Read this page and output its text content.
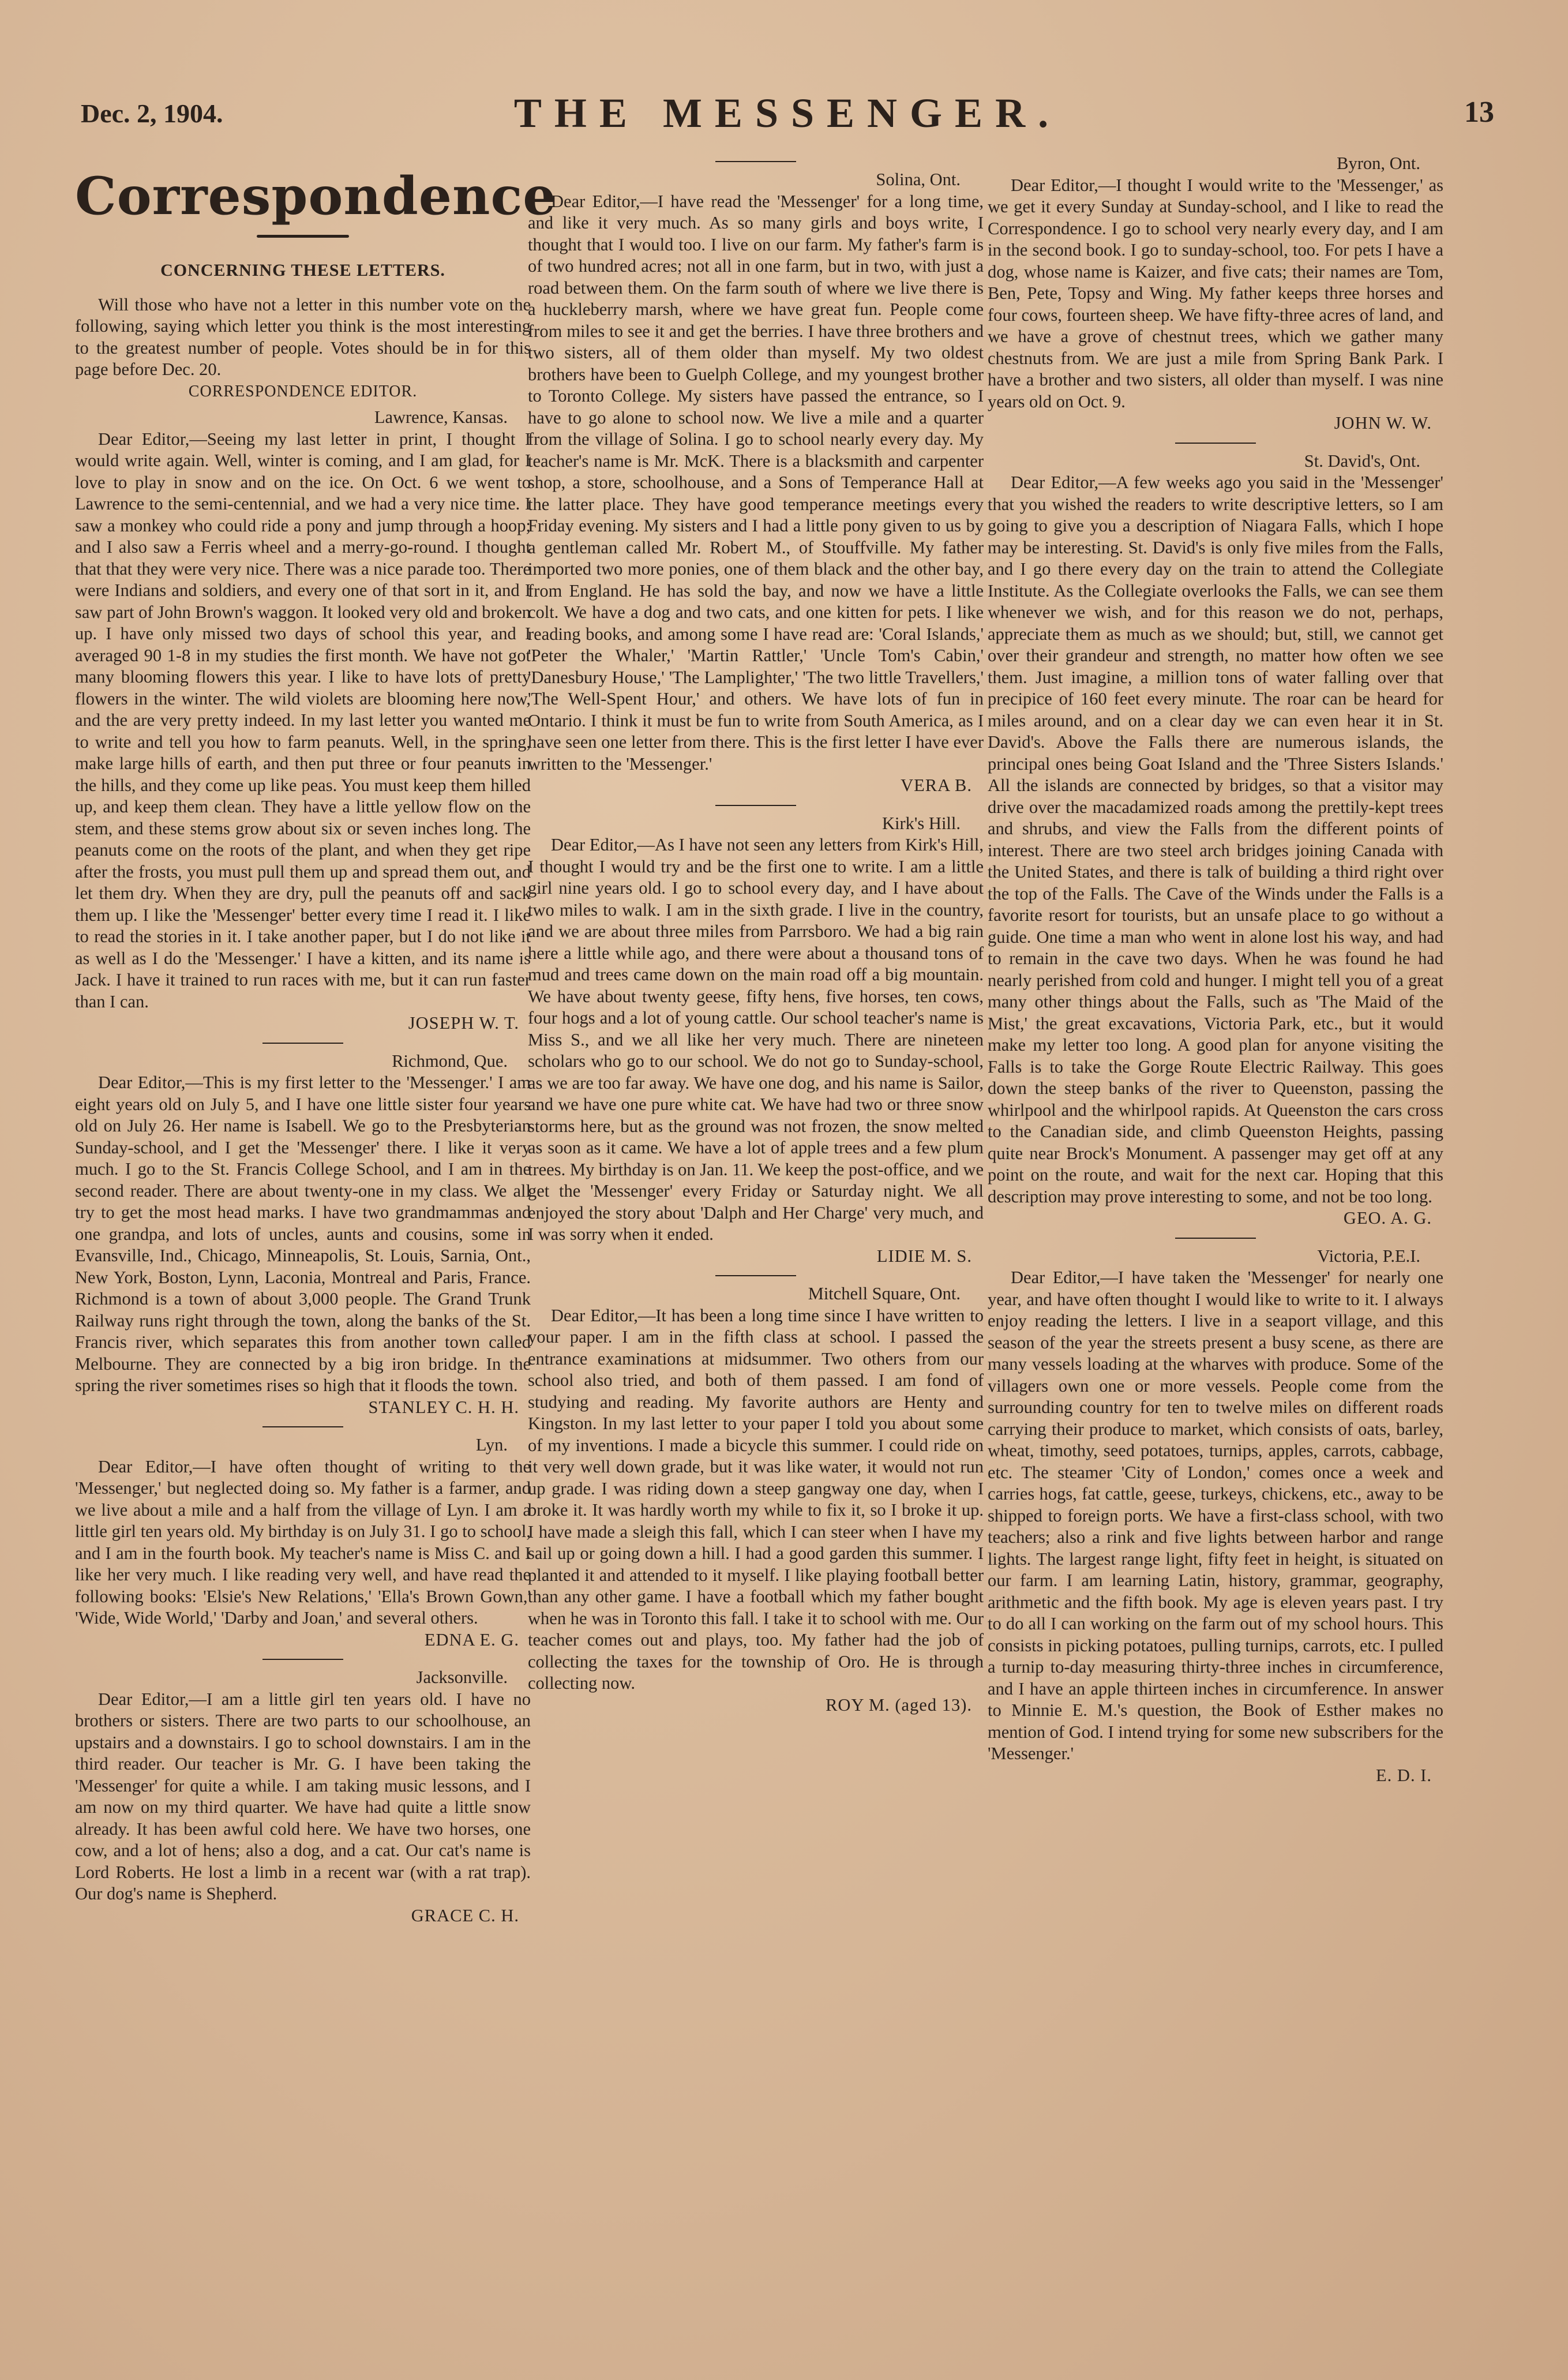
Dec. 2, 1904.	THE MESSENGER.	13
Correspondence

CONCERNING THESE LETTERS.

Will those who have not a letter in this number vote on the following, saying which letter you think is the most interesting to the greatest number of people. Votes should be in for this page before Dec. 20.

CORRESPONDENCE EDITOR.

Lawrence, Kansas.

Dear Editor,—Seeing my last letter in print, I thought I would write again. Well, winter is coming, and I am glad, for I love to play in snow and on the ice. On Oct. 6 we went to Lawrence to the semi-centennial, and we had a very nice time. I saw a monkey who could ride a pony and jump through a hoop; and I also saw a Ferris wheel and a merry-go-round. I thought that that they were very nice. There was a nice parade too. There were Indians and soldiers, and every one of that sort in it, and I saw part of John Brown's waggon. It looked very old and broken up. I have only missed two days of school this year, and I averaged 90 1-8 in my studies the first month. We have not got many blooming flowers this year. I like to have lots of pretty flowers in the winter. The wild violets are blooming here now, and the are very pretty indeed. In my last letter you wanted me to write and tell you how to farm peanuts. Well, in the spring, make large hills of earth, and then put three or four peanuts in the hills, and they come up like peas. You must keep them hilled up, and keep them clean. They have a little yellow flow on the stem, and these stems grow about six or seven inches long. The peanuts come on the roots of the plant, and when they get ripe after the frosts, you must pull them up and spread them out, and let them dry. When they are dry, pull the peanuts off and sack them up. I like the 'Messenger' better every time I read it. I like to read the stories in it. I take another paper, but I do not like it as well as I do the 'Messenger.' I have a kitten, and its name is Jack. I have it trained to run races with me, but it can run faster than I can.

JOSEPH W. T.

Richmond, Que.

Dear Editor,—This is my first letter to the 'Messenger.' I am eight years old on July 5, and I have one little sister four years old on July 26. Her name is Isabell. We go to the Presbyterian Sunday-school, and I get the 'Messenger' there. I like it very much. I go to the St. Francis College School, and I am in the second reader. There are about twenty-one in my class. We all try to get the most head marks. I have two grandmammas and one grandpa, and lots of uncles, aunts and cousins, some in Evansville, Ind., Chicago, Minneapolis, St. Louis, Sarnia, Ont., New York, Boston, Lynn, Laconia, Montreal and Paris, France. Richmond is a town of about 3,000 people. The Grand Trunk Railway runs right through the town, along the banks of the St. Francis river, which separates this from another town called Melbourne. They are connected by a big iron bridge. In the spring the river sometimes rises so high that it floods the town.

STANLEY C. H. H.

Lyn.

Dear Editor,—I have often thought of writing to the 'Messenger,' but neglected doing so. My father is a farmer, and we live about a mile and a half from the village of Lyn. I am a little girl ten years old. My birthday is on July 31. I go to school, and I am in the fourth book. My teacher's name is Miss C. and I like her very much. I like reading very well, and have read the following books: 'Elsie's New Relations,' 'Ella's Brown Gown,' 'Wide, Wide World,' 'Darby and Joan,' and several others.

EDNA E. G.

Jacksonville.

Dear Editor,—I am a little girl ten years old. I have no brothers or sisters. There are two parts to our schoolhouse, an upstairs and a downstairs. I go to school downstairs. I am in the third reader. Our teacher is Mr. G. I have been taking the 'Messenger' for quite a while. I am taking music lessons, and I am now on my third quarter. We have had quite a little snow already. It has been awful cold here. We have two horses, one cow, and a lot of hens; also a dog, and a cat. Our cat's name is Lord Roberts. He lost a limb in a recent war (with a rat trap). Our dog's name is Shepherd.

GRACE C. H.

Solina, Ont.

Dear Editor,—I have read the 'Messenger' for a long time, and like it very much. As so many girls and boys write, I thought that I would too. I live on our farm. My father's farm is of two hundred acres; not all in one farm, but in two, with just a road between them. On the farm south of where we live there is a huckleberry marsh, where we have great fun. People come from miles to see it and get the berries. I have three brothers and two sisters, all of them older than myself. My two oldest brothers have been to Guelph College, and my youngest brother to Toronto College. My sisters have passed the entrance, so I have to go alone to school now. We live a mile and a quarter from the village of Solina. I go to school nearly every day. My teacher's name is Mr. McK. There is a blacksmith and carpenter shop, a store, schoolhouse, and a Sons of Temperance Hall at the latter place. They have good temperance meetings every Friday evening. My sisters and I had a little pony given to us by a gentleman called Mr. Robert M., of Stouffville. My father imported two more ponies, one of them black and the other bay, from England. He has sold the bay, and now we have a little colt. We have a dog and two cats, and one kitten for pets. I like reading books, and among some I have read are: 'Coral Islands,' 'Peter the Whaler,' 'Martin Rattler,' 'Uncle Tom's Cabin,' 'Danesbury House,' 'The Lamplighter,' 'The two little Travellers,' 'The Well-Spent Hour,' and others. We have lots of fun in Ontario. I think it must be fun to write from South America, as I have seen one letter from there. This is the first letter I have ever written to the 'Messenger.'

VERA B.

Kirk's Hill.

Dear Editor,—As I have not seen any letters from Kirk's Hill, I thought I would try and be the first one to write. I am a little girl nine years old. I go to school every day, and I have about two miles to walk. I am in the sixth grade. I live in the country, and we are about three miles from Parrsboro. We had a big rain here a little while ago, and there were about a thousand tons of mud and trees came down on the main road off a big mountain. We have about twenty geese, fifty hens, five horses, ten cows, four hogs and a lot of young cattle. Our school teacher's name is Miss S., and we all like her very much. There are nineteen scholars who go to our school. We do not go to Sunday-school, as we are too far away. We have one dog, and his name is Sailor, and we have one pure white cat. We have had two or three snow storms here, but as the ground was not frozen, the snow melted as soon as it came. We have a lot of apple trees and a few plum trees. My birthday is on Jan. 11. We keep the post-office, and we get the 'Messenger' every Friday or Saturday night. We all enjoyed the story about 'Dalph and Her Charge' very much, and I was sorry when it ended.

LIDIE M. S.

Mitchell Square, Ont.

Dear Editor,—It has been a long time since I have written to your paper. I am in the fifth class at school. I passed the entrance examinations at midsummer. Two others from our school also tried, and both of them passed. I am fond of studying and reading. My favorite authors are Henty and Kingston. In my last letter to your paper I told you about some of my inventions. I made a bicycle this summer. I could ride on it very well down grade, but it was like water, it would not run up grade. I was riding down a steep gangway one day, when I broke it. It was hardly worth my while to fix it, so I broke it up. I have made a sleigh this fall, which I can steer when I have my sail up or going down a hill. I had a good garden this summer. I planted it and attended to it myself. I like playing football better than any other game. I have a football which my father bought when he was in Toronto this fall. I take it to school with me. Our teacher comes out and plays, too. My father had the job of collecting the taxes for the township of Oro. He is through collecting now.

ROY M. (aged 13).

Byron, Ont.

Dear Editor,—I thought I would write to the 'Messenger,' as we get it every Sunday at Sunday-school, and I like to read the Correspondence. I go to school very nearly every day, and I am in the second book. I go to sunday-school, too. For pets I have a dog, whose name is Kaizer, and five cats; their names are Tom, Ben, Pete, Topsy and Wing. My father keeps three horses and four cows, fourteen sheep. We have fifty-three acres of land, and we have a grove of chestnut trees, which we gather many chestnuts from. We are just a mile from Spring Bank Park. I have a brother and two sisters, all older than myself. I was nine years old on Oct. 9.

JOHN W. W.

St. David's, Ont.

Dear Editor,—A few weeks ago you said in the 'Messenger' that you wished the readers to write descriptive letters, so I am going to give you a description of Niagara Falls, which I hope may be interesting. St. David's is only five miles from the Falls, and I go there every day on the train to attend the Collegiate Institute. As the Collegiate overlooks the Falls, we can see them whenever we wish, and for this reason we do not, perhaps, appreciate them as much as we should; but, still, we cannot get over their grandeur and strength, no matter how often we see them. Just imagine, a million tons of water falling over that precipice of 160 feet every minute. The roar can be heard for miles around, and on a clear day we can even hear it in St. David's. Above the Falls there are numerous islands, the principal ones being Goat Island and the 'Three Sisters Islands.' All the islands are connected by bridges, so that a visitor may drive over the macadamized roads among the prettily-kept trees and shrubs, and view the Falls from the different points of interest. There are two steel arch bridges joining Canada with the United States, and there is talk of building a third right over the top of the Falls. The Cave of the Winds under the Falls is a favorite resort for tourists, but an unsafe place to go without a guide. One time a man who went in alone lost his way, and had to remain in the cave two days. When he was found he had nearly perished from cold and hunger. I might tell you of a great many other things about the Falls, such as 'The Maid of the Mist,' the great excavations, Victoria Park, etc., but it would make my letter too long. A good plan for anyone visiting the Falls is to take the Gorge Route Electric Railway. This goes down the steep banks of the river to Queenston, passing the whirlpool and the whirlpool rapids. At Queenston the cars cross to the Canadian side, and climb Queenston Heights, passing quite near Brock's Monument. A passenger may get off at any point on the route, and wait for the next car. Hoping that this description may prove interesting to some, and not be too long.

GEO. A. G.

Victoria, P.E.I.

Dear Editor,—I have taken the 'Messenger' for nearly one year, and have often thought I would like to write to it. I always enjoy reading the letters. I live in a seaport village, and this season of the year the streets present a busy scene, as there are many vessels loading at the wharves with produce. Some of the villagers own one or more vessels. People come from the surrounding country for ten to twelve miles on different roads carrying their produce to market, which consists of oats, barley, wheat, timothy, seed potatoes, turnips, apples, carrots, cabbage, etc. The steamer 'City of London,' comes once a week and carries hogs, fat cattle, geese, turkeys, chickens, etc., away to be shipped to foreign ports. We have a first-class school, with two teachers; also a rink and five lights between harbor and range lights. The largest range light, fifty feet in height, is situated on our farm. I am learning Latin, history, grammar, geography, arithmetic and the fifth book. My age is eleven years past. I try to do all I can working on the farm out of my school hours. This consists in picking potatoes, pulling turnips, carrots, etc. I pulled a turnip to-day measuring thirty-three inches in circumference, and I have an apple thirteen inches in circumference. In answer to Minnie E. M.'s question, the Book of Esther makes no mention of God. I intend trying for some new subscribers for the 'Messenger.'

E. D. I.
